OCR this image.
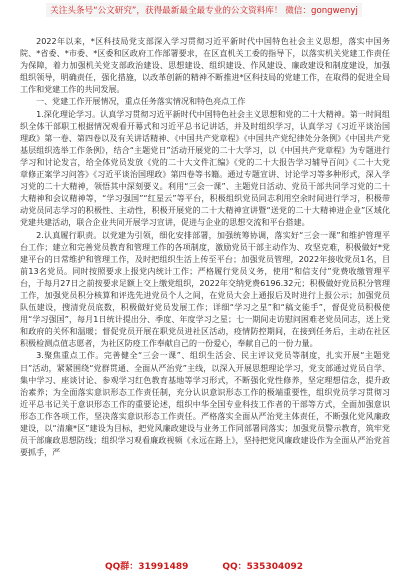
关注头条号“公文研究”，获得最新最全最专业的公文资料库！ 微信：gongwenyj

2022年以来，*区科技局党支部深入学习贯彻习近平新时代中国特色社会主义思想，落实中国务院、*省委、*市委、*区委和区政府工作部署要求，在区直机关工委的指导下，以落实机关党建工作责任为保障，着力加强机关党支部政治建设、思想建设、组织建设、作风建设、廉政建设和制度建设，加强组织领导，明确责任，强化措施，以改革创新的精神不断推进*区科技局的党建工作，在取得的促进全局工作和党建工作的共同发展。

一、党建工作开展情况，重点任务落实情况和特色亮点工作

1.深化理论学习。认真学习贯彻习近平新时代中国特色社会主义思想和党的二十大精神。第一时间组织全体干部职工根据情况观看开幕式和习近平总书记讲话，并及时组织学习，认真学习《习近平谈治国理政》第一卷、第四卷以及有关讲话精神、《中国共产党章程》《中国共产党纪律处分条例》《中国共产党基层组织选举工作条例》，结合“主题党日”活动开展党的二十大学习，以《中国共产党章程》为专题进行学习和讨论发言，给全体党员发放《党的二十大文件汇编》《党的二十大报告学习辅导百问》《二十大党章修正案学习问答》《习近平谈治国理政》第四卷等书籍。通过专题宣讲、讨论学习等多种形式，深入学习党的二十大精神，领悟其中深刻要义。利用“三会一课”、主题党日活动、党员干部共同学习党的二十大精神和会议精神等，“学习强国”“红星云”等平台，积极组织党员同志利用空余时间进行学习，积极带动党员同志学习的积极性、主动性，积极开展党的二十大精神宣讲暨“送党的二十大精神进企业”区域化党建共建活动，联合企业共同开展学习宣讲，促进与企业的思想交流和平台搭建。

2.认真履行职责。以党建为引领，细化安排部署，加强统筹协调，落实好“三会一课”和维护管理平台工作；建立和完善党员教育和管理工作的各项制度，激励党员干部主动作为、攻坚克难，积极做好*党建平台的日常维护和管理工作，及时把组织生活上传至平台；加强党员管理，2022年接收党员1名，目前13名党员。同时按照要求上报党内统计工作；严格履行党员义务，使用“和信支付”党费收缴管理平台，于每月27日之前按要求足额上交上缴党组织，2022年交纳党费6196.32元；积极做好党员积分管理工作，加强党员积分核算和评选先进党员个人之间，在党员大会上通报后及时进行上报公示；加强党员队伍建设，搜清党员底数，积极做好党员发展工作；详细“学习之星”和“稿文能手”，督促党员积极使用“学习强国”，每月1日统计提出分、季度、年度学习之星；七一期间走访慰问困难老党员同志，送上党和政府的关怀和温暖；督促党员开展在职党员进社区活动，疫情防控期间，在接到任务后，主动在社区积极检测点值志愿者，为社区防疫工作奉献自己的一份爱心，奉献自己的一份力量。

3.聚焦重点工作。完善健全“三会一课”、组织生活会、民主评议党员等制度，扎实开展“主题党日”活动，紧紧围绕“党群贯通、全面从严治党”主线，以深入开展思想理论学习，党支部通过党员自学、集中学习、座谈讨论、参观学习红色教育基地等学习形式，不断强化党性修养，坚定理想信念，提升政治素养；为全面落实意识形态工作责任制，充分认识意识形态工作的极端重要性，组织党员学习贯彻习近平总书记关于意识形态工作的重要论述，组织中华全国专业科技工作者的干部等方式，全面加强意识形态工作各项工作，坚决落实意识形态工作责任。严格落实全面从严治党主体责任，不断强化党风廉政建设，以“清廉*区”建设为目标，把党风廉政建设与业务工作同部署同落实；加强党员警示教育，筑牢党员干部廉政思想防线；组织学习观看廉政视频《永远在路上》，坚持把党风廉政建设作为全面从严治党首要抓手，严

QQ群：31991489	QQ：535304092
